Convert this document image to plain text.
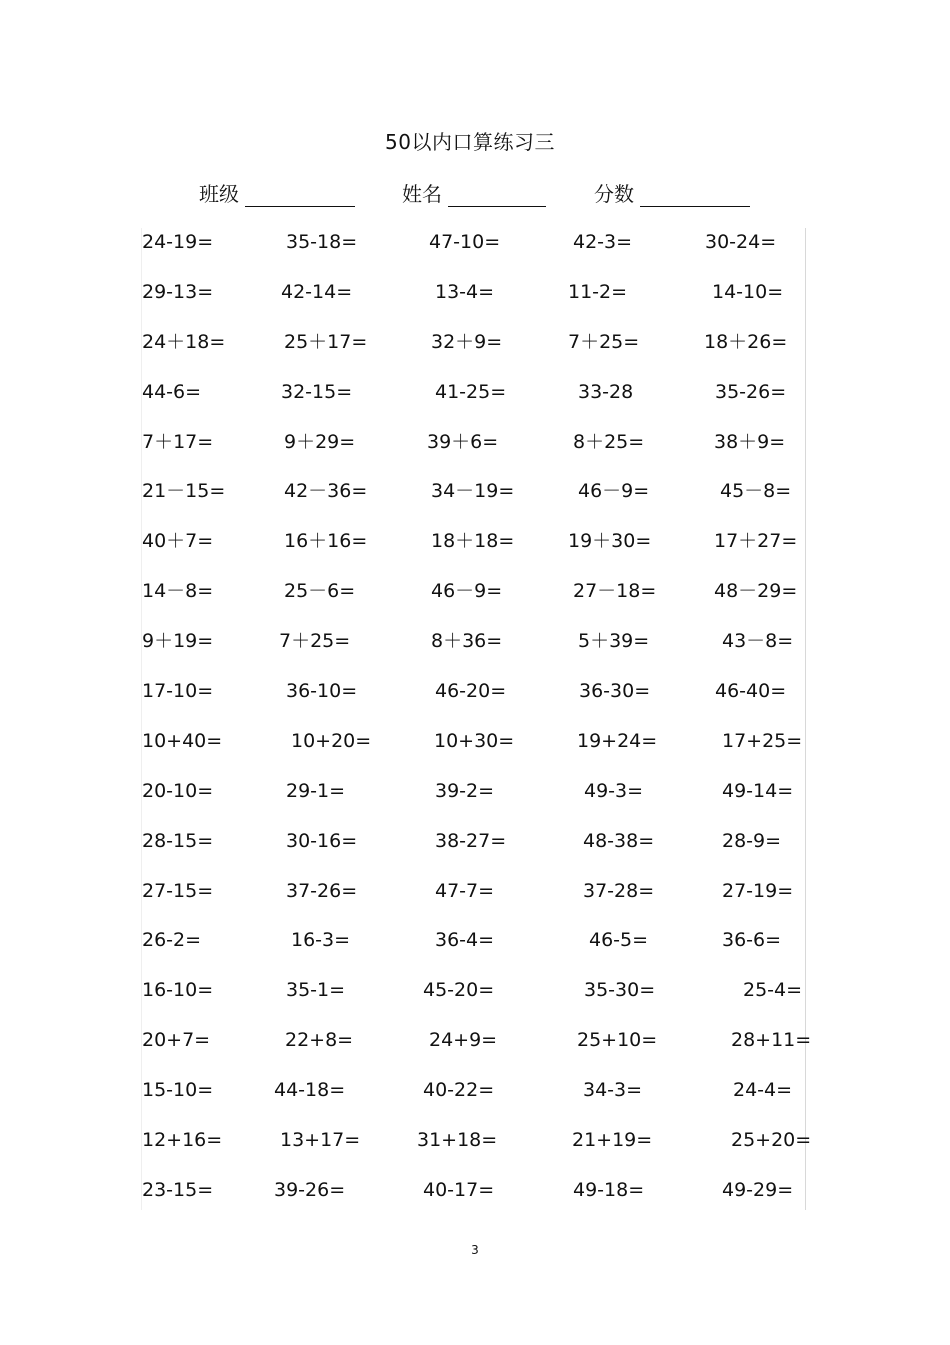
50以内口算练习三
班级	姓名	分数
24-19=	35-18=	47-10=	42-3=	30-24=
29-13=	42-14=	13-4=	11-2=	14-10=
24＋18=	25＋17=	32＋9=	7＋25=	18＋26=
44-6=	32-15=	41-25=	33-28	35-26=
7＋17=	9＋29=	39＋6=	8＋25=	38＋9=
21－15=	42－36=	34－19=	46－9=	45－8=
40＋7=	16＋16=	18＋18=	19＋30=	17＋27=
14－8=	25－6=	46－9=	27－18=	48－29=
9＋19=	7＋25=	8＋36=	5＋39=	43－8=
17-10=	36-10=	46-20=	36-30=	46-40=
10+40=	10+20=	10+30=	19+24=	17+25=
20-10=	29-1=	39-2=	49-3=	49-14=
28-15=	30-16=	38-27=	48-38=	28-9=
27-15=	37-26=	47-7=	37-28=	27-19=
26-2=	16-3=	36-4=	46-5=	36-6=
16-10=	35-1=	45-20=	35-30=	25-4=
20+7=	22+8=	24+9=	25+10=	28+11=
15-10=	44-18=	40-22=	34-3=	24-4=
12+16=	13+17=	31+18=	21+19=	25+20=
23-15=	39-26=	40-17=	49-18=	49-29=
3
